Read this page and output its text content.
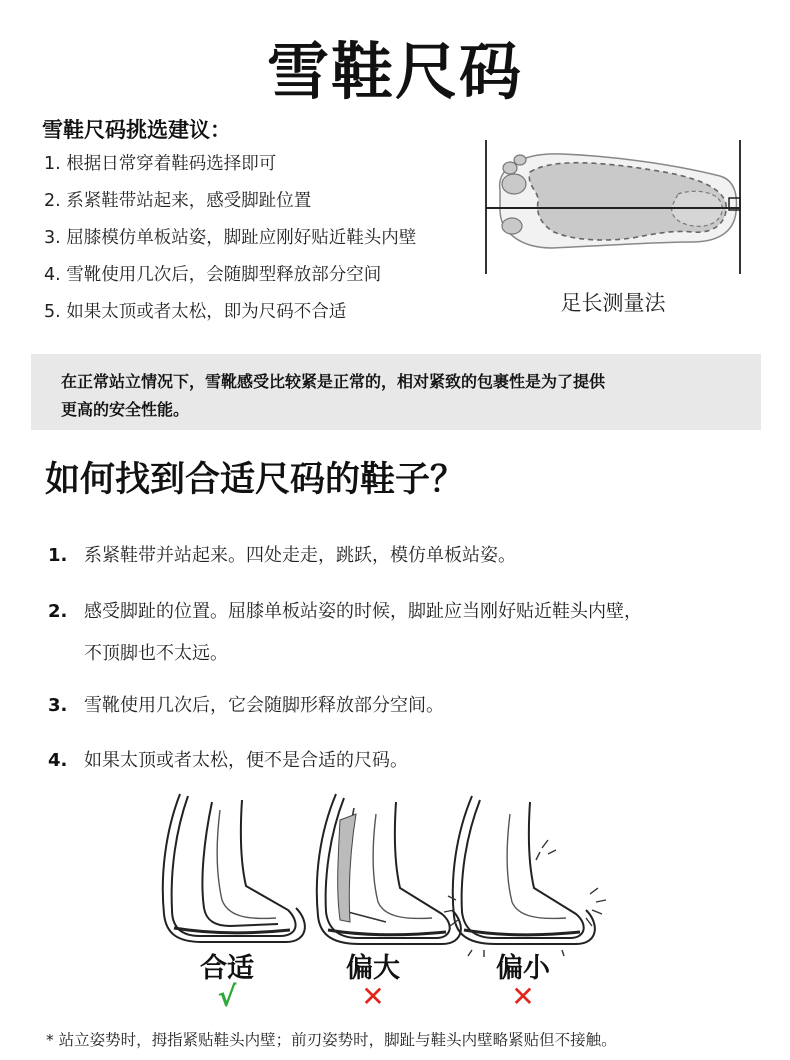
雪鞋尺码
雪鞋尺码挑选建议：
1. 根据日常穿着鞋码选择即可
2. 系紧鞋带站起来，感受脚趾位置
3. 屈膝模仿单板站姿，脚趾应刚好贴近鞋头内壁
4. 雪靴使用几次后，会随脚型释放部分空间
5. 如果太顶或者太松，即为尺码不合适	足长测量法
在正常站立情况下，雪靴感受比较紧是正常的，相对紧致的包裹性是为了提供
更高的安全性能。
如何找到合适尺码的鞋子？
1. 系紧鞋带并站起来。四处走走，跳跃，模仿单板站姿。
2. 感受脚趾的位置。屈膝单板站姿的时候，脚趾应当刚好贴近鞋头内壁，
不顶脚也不太远。
3. 雪靴使用几次后，它会随脚形释放部分空间。
4. 如果太顶或者太松，便不是合适的尺码。
合适	偏大	偏小
√	✕	✕
* 站立姿势时，拇指紧贴鞋头内壁；前刃姿势时，脚趾与鞋头内壁略紧贴但不接触。
